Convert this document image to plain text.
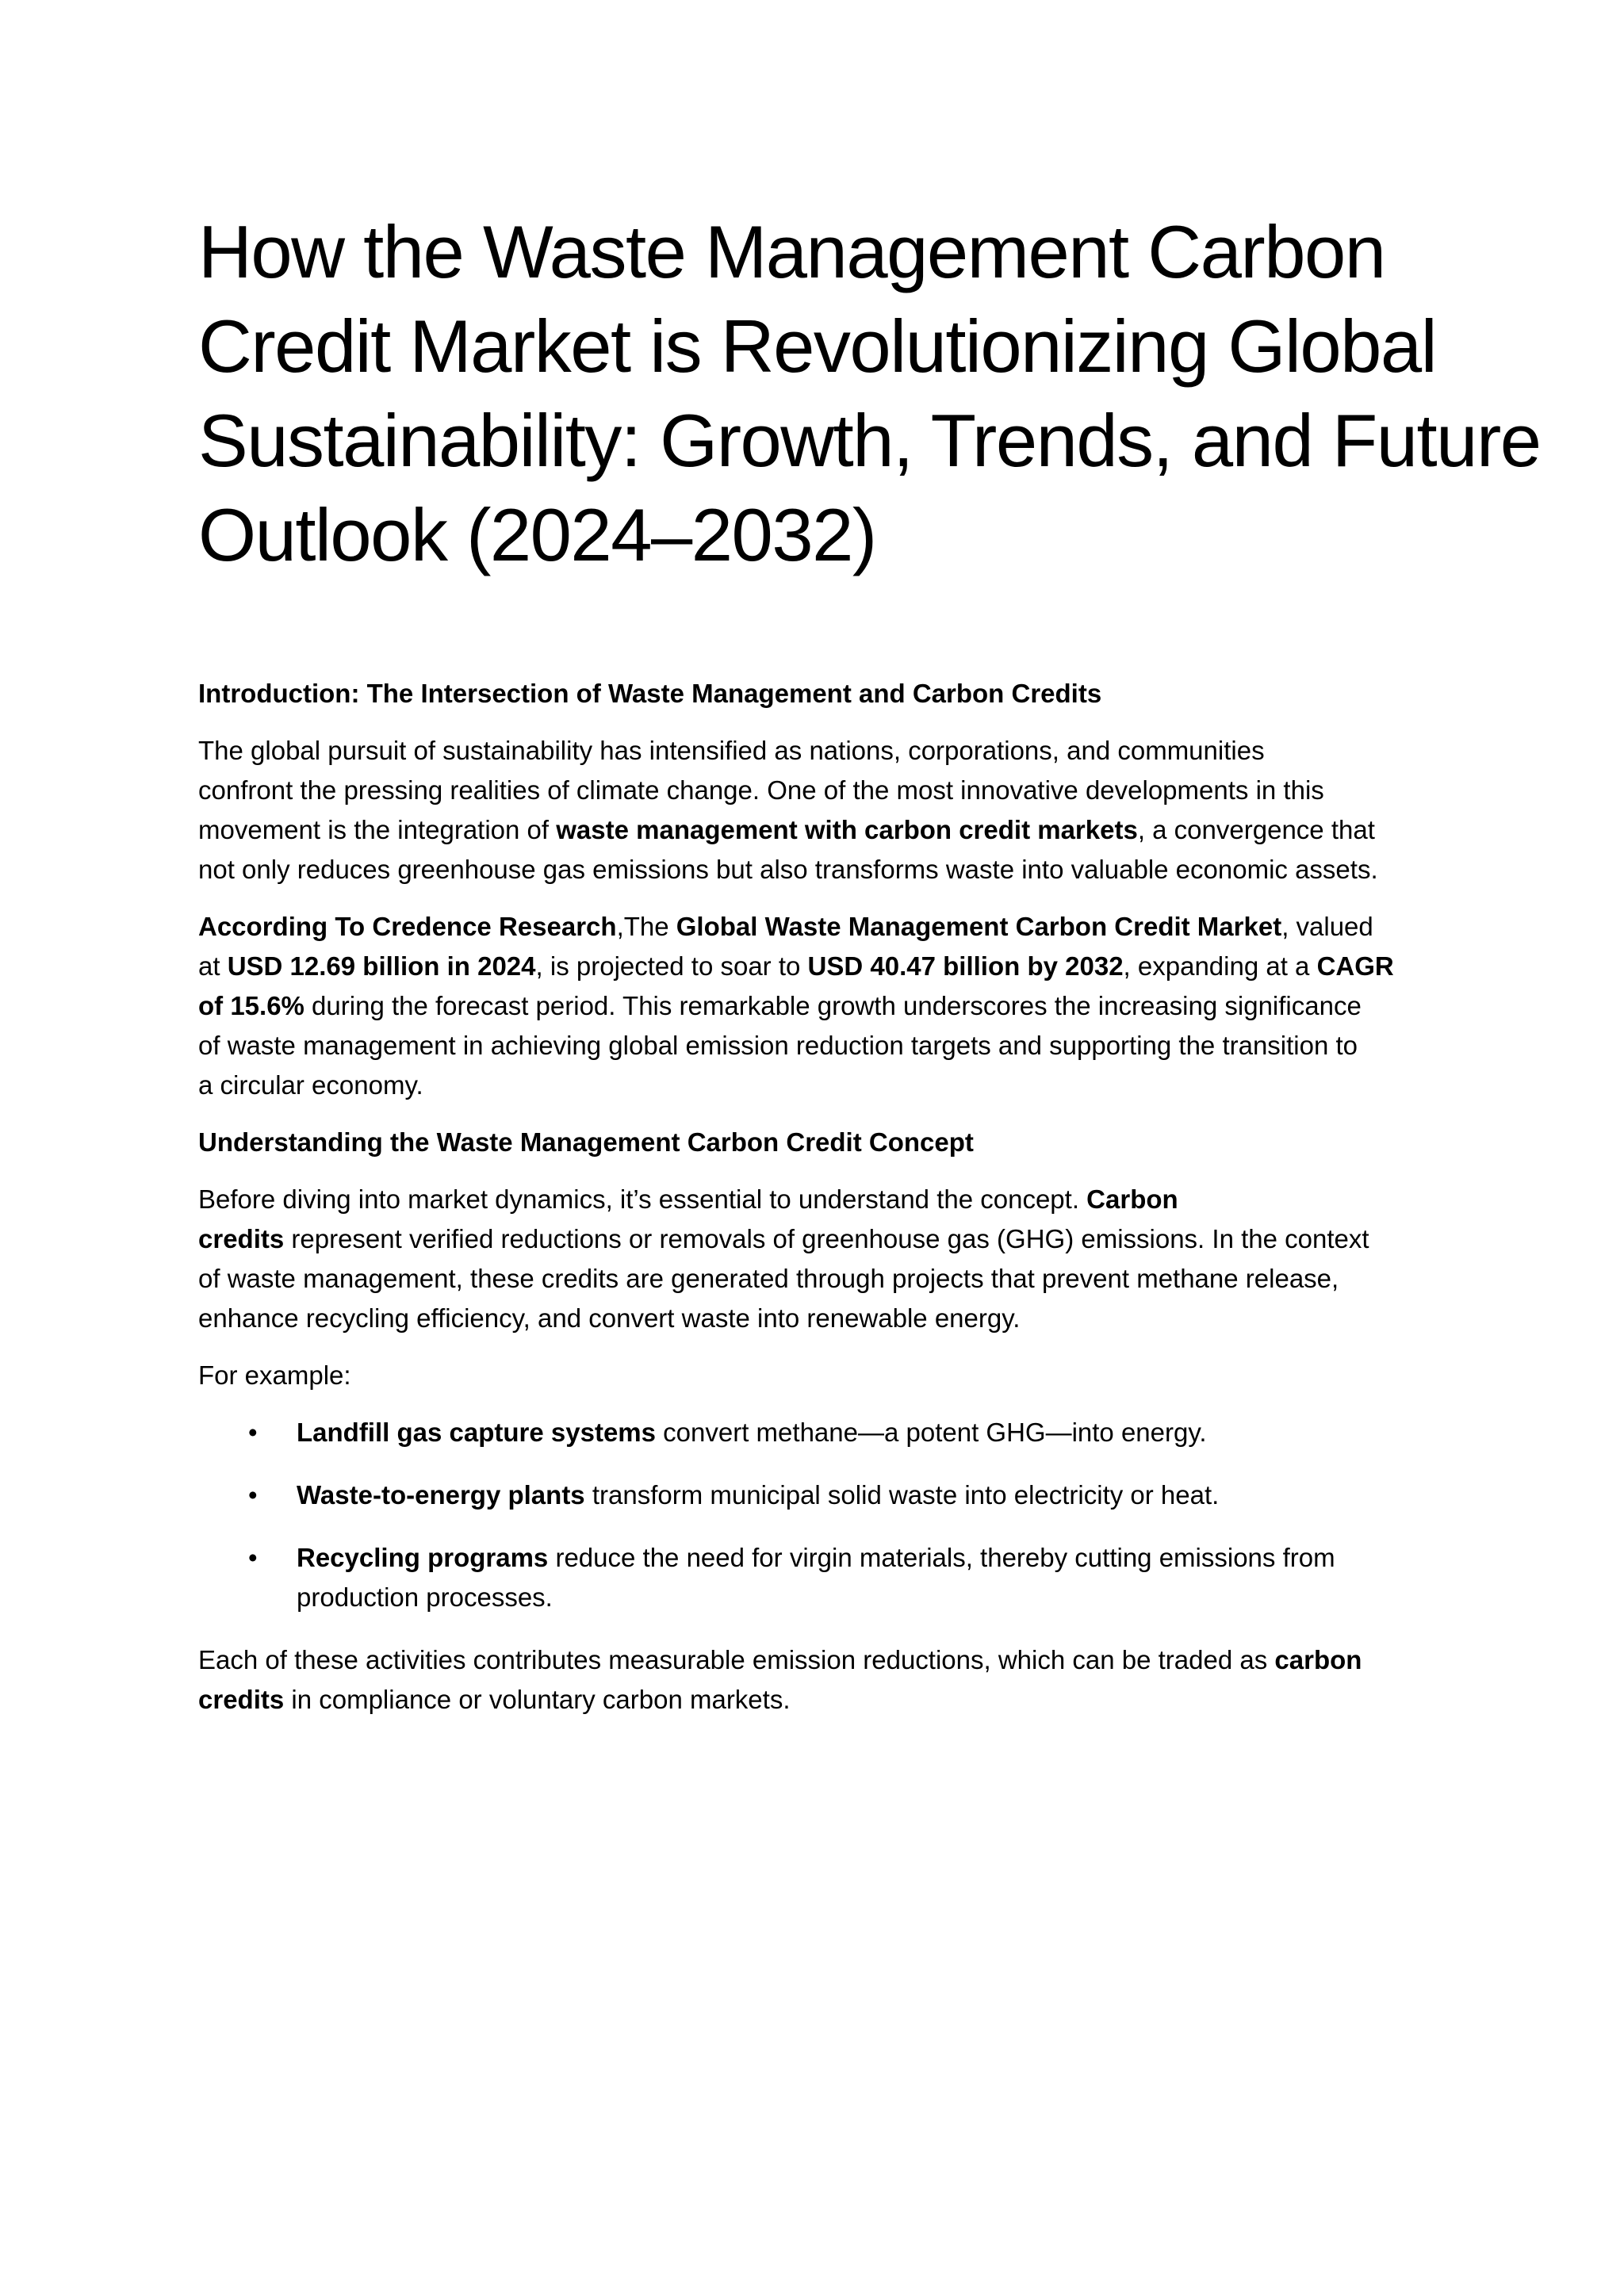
How the Waste Management Carbon
Credit Market is Revolutionizing Global
Sustainability: Growth, Trends, and Future
Outlook (2024–2032)
Introduction: The Intersection of Waste Management and Carbon Credits
The global pursuit of sustainability has intensified as nations, corporations, and communities
confront the pressing realities of climate change. One of the most innovative developments in this
movement is the integration of waste management with carbon credit markets, a convergence that
not only reduces greenhouse gas emissions but also transforms waste into valuable economic assets.
According To Credence Research,The Global Waste Management Carbon Credit Market, valued
at USD 12.69 billion in 2024, is projected to soar to USD 40.47 billion by 2032, expanding at a CAGR
of 15.6% during the forecast period. This remarkable growth underscores the increasing significance
of waste management in achieving global emission reduction targets and supporting the transition to
a circular economy.
Understanding the Waste Management Carbon Credit Concept
Before diving into market dynamics, it’s essential to understand the concept. Carbon
credits represent verified reductions or removals of greenhouse gas (GHG) emissions. In the context
of waste management, these credits are generated through projects that prevent methane release,
enhance recycling efficiency, and convert waste into renewable energy.
For example:
• Landfill gas capture systems convert methane—a potent GHG—into energy.
• Waste-to-energy plants transform municipal solid waste into electricity or heat.
• Recycling programs reduce the need for virgin materials, thereby cutting emissions from
production processes.
Each of these activities contributes measurable emission reductions, which can be traded as carbon
credits in compliance or voluntary carbon markets.
